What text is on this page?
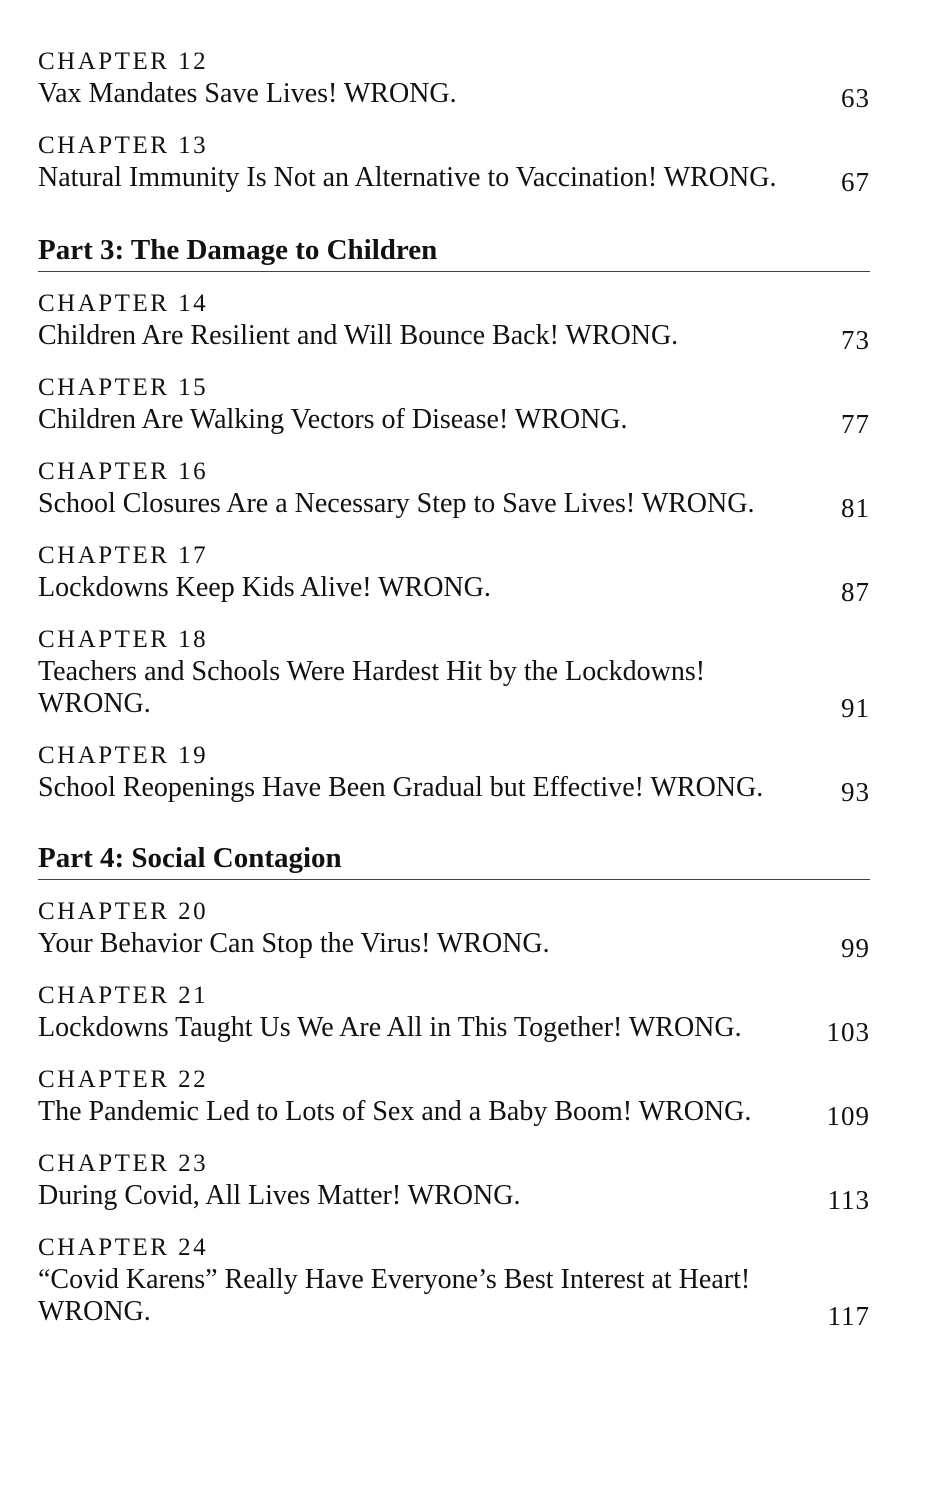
CHAPTER 12
Vax Mandates Save Lives! WRONG.	63
CHAPTER 13
Natural Immunity Is Not an Alternative to Vaccination! WRONG.	67
Part 3: The Damage to Children
CHAPTER 14
Children Are Resilient and Will Bounce Back! WRONG.	73
CHAPTER 15
Children Are Walking Vectors of Disease! WRONG.	77
CHAPTER 16
School Closures Are a Necessary Step to Save Lives! WRONG.	81
CHAPTER 17
Lockdowns Keep Kids Alive! WRONG.	87
CHAPTER 18
Teachers and Schools Were Hardest Hit by the Lockdowns! WRONG.	91
CHAPTER 19
School Reopenings Have Been Gradual but Effective! WRONG.	93
Part 4: Social Contagion
CHAPTER 20
Your Behavior Can Stop the Virus! WRONG.	99
CHAPTER 21
Lockdowns Taught Us We Are All in This Together! WRONG.	103
CHAPTER 22
The Pandemic Led to Lots of Sex and a Baby Boom! WRONG.	109
CHAPTER 23
During Covid, All Lives Matter! WRONG.	113
CHAPTER 24
“Covid Karens” Really Have Everyone’s Best Interest at Heart! WRONG.	117
